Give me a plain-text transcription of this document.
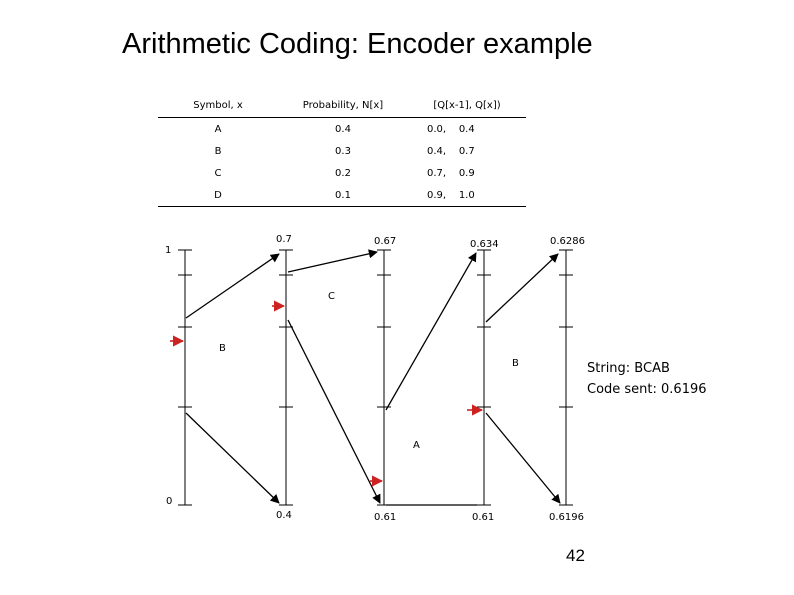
Arithmetic Coding: Encoder example
Symbol, x	Probability, N[x]	[Q[x-1], Q[x])
A	0.4	0.0, 0.4
B	0.3	0.4, 0.7
C	0.2	0.7, 0.9
D	0.1	0.9, 1.0
1
0
0.7
0.4
0.67
0.61
0.634
0.61
0.6286
0.6196
B
C
A
B	String: BCAB
Code sent: 0.6196
42
